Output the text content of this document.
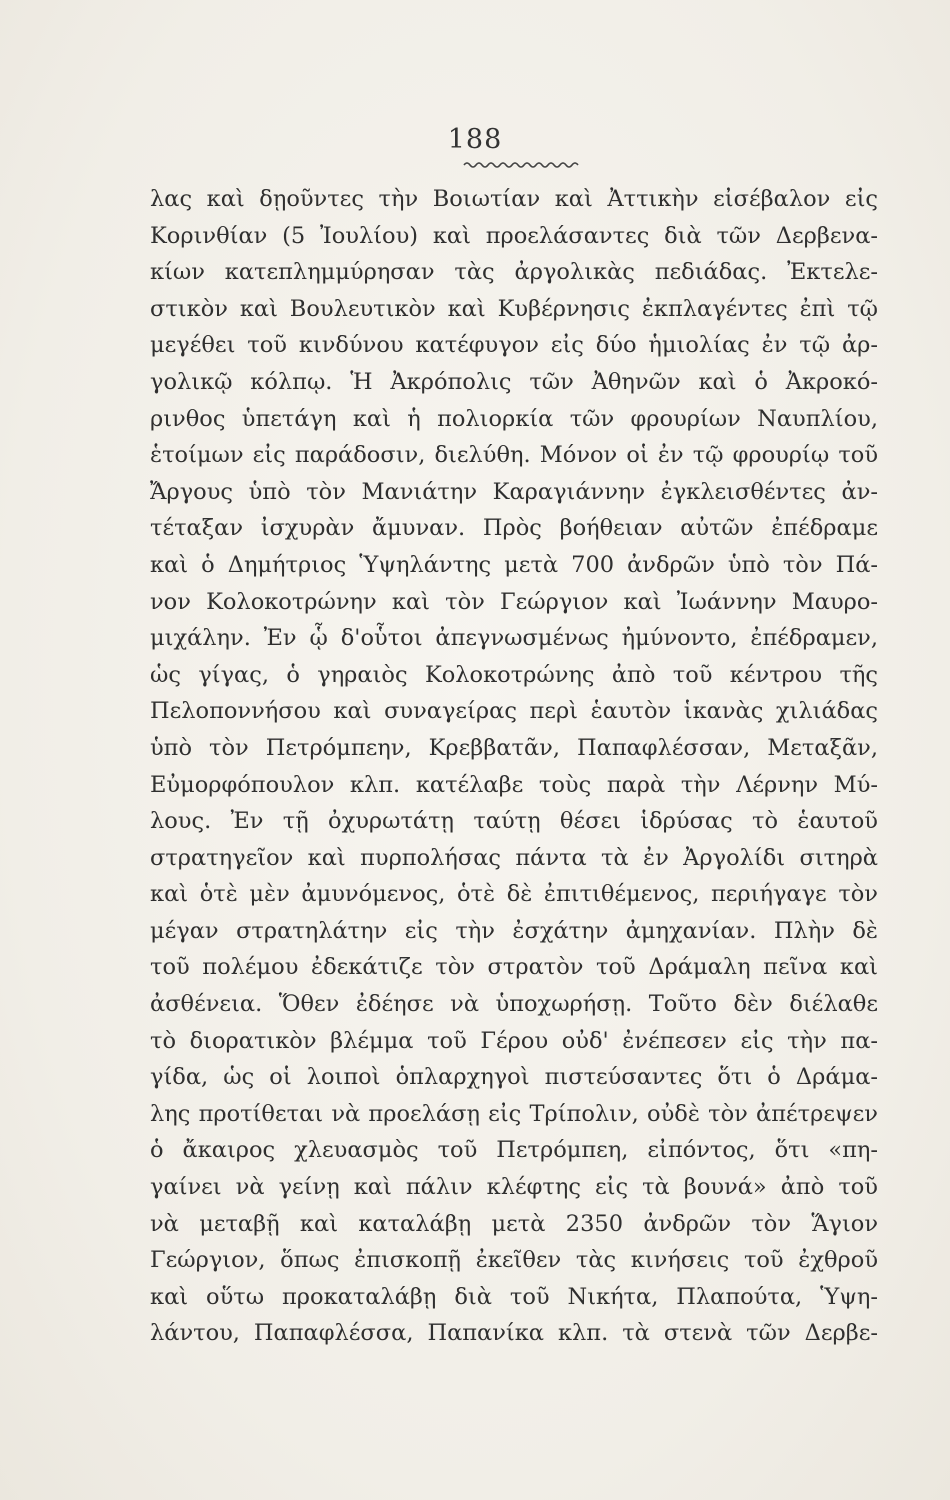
188
λας καὶ δῃοῦντες τὴν Βοιωτίαν καὶ Ἀττικὴν εἰσέβαλον εἰς
Κορινθίαν (5 Ἰουλίου) καὶ προελάσαντες διὰ τῶν Δερβενα-
κίων κατεπλημμύρησαν τὰς ἀργολικὰς πεδιάδας. Ἐκτελε-
στικὸν καὶ Βουλευτικὸν καὶ Κυβέρνησις ἐκπλαγέντες ἐπὶ τῷ
μεγέθει τοῦ κινδύνου κατέφυγον εἰς δύο ἡμιολίας ἐν τῷ ἀρ-
γολικῷ κόλπῳ. Ἡ Ἀκρόπολις τῶν Ἀθηνῶν καὶ ὁ Ἀκροκό-
ρινθος ὑπετάγη καὶ ἡ πολιορκία τῶν φρουρίων Ναυπλίου,
ἑτοίμων εἰς παράδοσιν, διελύθη. Μόνον οἱ ἐν τῷ φρουρίῳ τοῦ
Ἄργους ὑπὸ τὸν Μανιάτην Καραγιάννην ἐγκλεισθέντες ἀν-
τέταξαν ἰσχυρὰν ἄμυναν. Πρὸς βοήθειαν αὐτῶν ἐπέδραμε
καὶ ὁ Δημήτριος Ὑψηλάντης μετὰ 700 ἀνδρῶν ὑπὸ τὸν Πά-
νον Κολοκοτρώνην καὶ τὸν Γεώργιον καὶ Ἰωάννην Μαυρο-
μιχάλην. Ἐν ᾧ δ'οὗτοι ἀπεγνωσμένως ἠμύνοντο, ἐπέδραμεν,
ὡς γίγας, ὁ γηραιὸς Κολοκοτρώνης ἀπὸ τοῦ κέντρου τῆς
Πελοποννήσου καὶ συναγείρας περὶ ἑαυτὸν ἱκανὰς χιλιάδας
ὑπὸ τὸν Πετρόμπεην, Κρεββατᾶν, Παπαφλέσσαν, Μεταξᾶν,
Εὐμορφόπουλον κλπ. κατέλαβε τοὺς παρὰ τὴν Λέρνην Μύ-
λους. Ἐν τῇ ὀχυρωτάτῃ ταύτῃ θέσει ἱδρύσας τὸ ἑαυτοῦ
στρατηγεῖον καὶ πυρπολήσας πάντα τὰ ἐν Ἀργολίδι σιτηρὰ
καὶ ὁτὲ μὲν ἀμυνόμενος, ὁτὲ δὲ ἐπιτιθέμενος, περιήγαγε τὸν
μέγαν στρατηλάτην εἰς τὴν ἐσχάτην ἀμηχανίαν. Πλὴν δὲ
τοῦ πολέμου ἐδεκάτιζε τὸν στρατὸν τοῦ Δράμαλη πεῖνα καὶ
ἀσθένεια. Ὅθεν ἐδέησε νὰ ὑποχωρήσῃ. Τοῦτο δὲν διέλαθε
τὸ διορατικὸν βλέμμα τοῦ Γέρου οὐδ' ἐνέπεσεν εἰς τὴν πα-
γίδα, ὡς οἱ λοιποὶ ὁπλαρχηγοὶ πιστεύσαντες ὅτι ὁ Δράμα-
λης προτίθεται νὰ προελάσῃ εἰς Τρίπολιν, οὐδὲ τὸν ἀπέτρεψεν
ὁ ἄκαιρος χλευασμὸς τοῦ Πετρόμπεη, εἰπόντος, ὅτι «πη-
γαίνει νὰ γείνῃ καὶ πάλιν κλέφτης εἰς τὰ βουνά» ἀπὸ τοῦ
νὰ μεταβῇ καὶ καταλάβῃ μετὰ 2350 ἀνδρῶν τὸν Ἅγιον
Γεώργιον, ὅπως ἐπισκοπῇ ἐκεῖθεν τὰς κινήσεις τοῦ ἐχθροῦ
καὶ οὕτω προκαταλάβῃ διὰ τοῦ Νικήτα, Πλαπούτα, Ὑψη-
λάντου, Παπαφλέσσα, Παπανίκα κλπ. τὰ στενὰ τῶν Δερβε-
